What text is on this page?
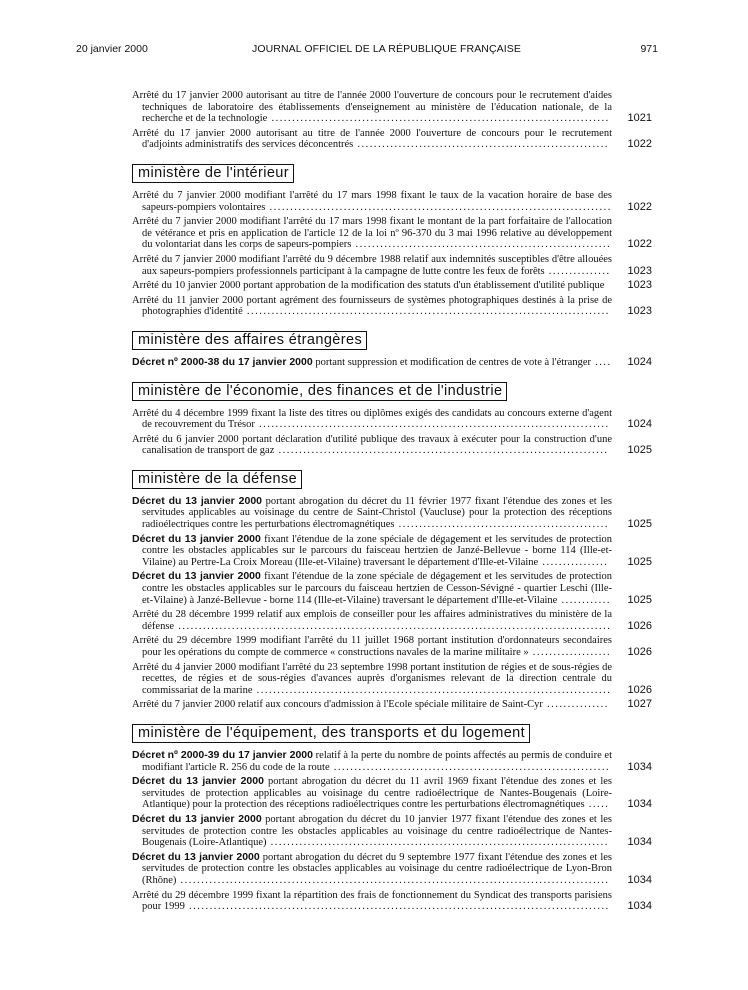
20 janvier 2000	JOURNAL OFFICIEL DE LA RÉPUBLIQUE FRANÇAISE	971
Arrêté du 17 janvier 2000 autorisant au titre de l'année 2000 l'ouverture de concours pour le recrutement d'aides techniques de laboratoire des établissements d'enseignement au ministère de l'éducation nationale, de la recherche et de la technologie ..................................................................................	1021
Arrêté du 17 janvier 2000 autorisant au titre de l'année 2000 l'ouverture de concours pour le recrutement d'adjoints administratifs des services déconcentrés .............................................................	1022
ministère de l'intérieur
Arrêté du 7 janvier 2000 modifiant l'arrêté du 17 mars 1998 fixant le taux de la vacation horaire de base des sapeurs-pompiers volontaires ...................................................................................	1022
Arrêté du 7 janvier 2000 modifiant l'arrêté du 17 mars 1998 fixant le montant de la part forfaitaire de l'allocation de vétérance et pris en application de l'article 12 de la loi nº 96-370 du 3 mai 1996 relative au développement du volontariat dans les corps de sapeurs-pompiers ..............................................................	1022
Arrêté du 7 janvier 2000 modifiant l'arrêté du 9 décembre 1988 relatif aux indemnités susceptibles d'être allouées aux sapeurs-pompiers professionnels participant à la campagne de lutte contre les feux de forêts ...............	1023
Arrêté du 10 janvier 2000 portant approbation de la modification des statuts d'un établissement d'utilité publique	1023
Arrêté du 11 janvier 2000 portant agrément des fournisseurs de systèmes photographiques destinés à la prise de photographies d'identité ........................................................................................	1023
ministère des affaires étrangères
Décret nº 2000-38 du 17 janvier 2000 portant suppression et modification de centres de vote à l'étranger ....	1024
ministère de l'économie, des finances et de l'industrie
Arrêté du 4 décembre 1999 fixant la liste des titres ou diplômes exigés des candidats au concours externe d'agent de recouvrement du Trésor .....................................................................................	1024
Arrêté du 6 janvier 2000 portant déclaration d'utilité publique des travaux à exécuter pour la construction d'une canalisation de transport de gaz ................................................................................	1025
ministère de la défense
Décret du 13 janvier 2000 portant abrogation du décret du 11 février 1977 fixant l'étendue des zones et les servitudes applicables au voisinage du centre de Saint-Christol (Vaucluse) pour la protection des réceptions radioélectriques contre les perturbations électromagnétiques ...................................................	1025
Décret du 13 janvier 2000 fixant l'étendue de la zone spéciale de dégagement et les servitudes de protection contre les obstacles applicables sur le parcours du faisceau hertzien de Janzé-Bellevue - borne 114 (Ille-et-Vilaine) au Pertre-La Croix Moreau (Ille-et-Vilaine) traversant le département d'Ille-et-Vilaine ................	1025
Décret du 13 janvier 2000 fixant l'étendue de la zone spéciale de dégagement et les servitudes de protection contre les obstacles applicables sur le parcours du faisceau hertzien de Cesson-Sévigné - quartier Leschi (Ille-et-Vilaine) à Janzé-Bellevue - borne 114 (Ille-et-Vilaine) traversant le département d'Ille-et-Vilaine ............	1025
Arrêté du 28 décembre 1999 relatif aux emplois de conseiller pour les affaires administratives du ministère de la défense .........................................................................................................	1026
Arrêté du 29 décembre 1999 modifiant l'arrêté du 11 juillet 1968 portant institution d'ordonnateurs secondaires pour les opérations du compte de commerce « constructions navales de la marine militaire » ...................	1026
Arrêté du 4 janvier 2000 modifiant l'arrêté du 23 septembre 1998 portant institution de régies et de sous-régies de recettes, de régies et de sous-régies d'avances auprès d'organismes relevant de la direction centrale du commissariat de la marine ......................................................................................	1026
Arrêté du 7 janvier 2000 relatif aux concours d'admission à l'Ecole spéciale militaire de Saint-Cyr ...............	1027
ministère de l'équipement, des transports et du logement
Décret nº 2000-39 du 17 janvier 2000 relatif à la perte du nombre de points affectés au permis de conduire et modifiant l'article R. 256 du code de la route ...................................................................	1034
Décret du 13 janvier 2000 portant abrogation du décret du 11 avril 1969 fixant l'étendue des zones et les servitudes de protection applicables au voisinage du centre radioélectrique de Nantes-Bougenais (Loire-Atlantique) pour la protection des réceptions radioélectriques contre les perturbations électromagnétiques .....	1034
Décret du 13 janvier 2000 portant abrogation du décret du 10 janvier 1977 fixant l'étendue des zones et les servitudes de protection contre les obstacles applicables au voisinage du centre radioélectrique de Nantes-Bougenais (Loire-Atlantique) ..................................................................................	1034
Décret du 13 janvier 2000 portant abrogation du décret du 9 septembre 1977 fixant l'étendue des zones et les servitudes de protection contre les obstacles applicables au voisinage du centre radioélectrique de Lyon-Bron (Rhône) ........................................................................................................	1034
Arrêté du 29 décembre 1999 fixant la répartition des frais de fonctionnement du Syndicat des transports parisiens pour 1999 ......................................................................................................	1034
